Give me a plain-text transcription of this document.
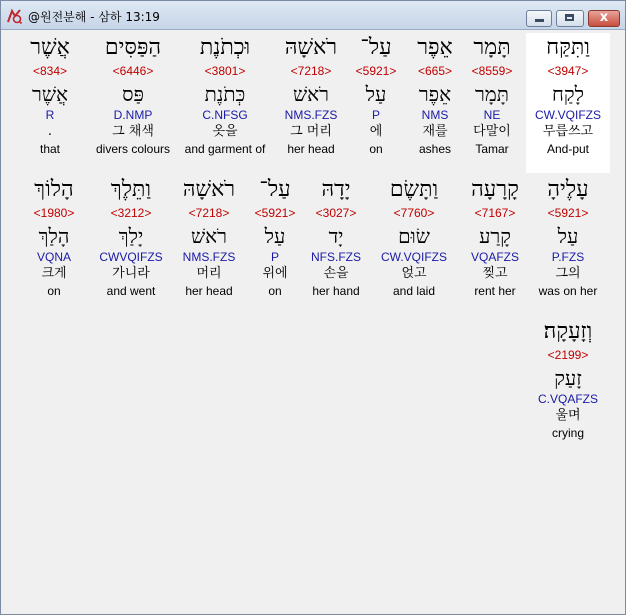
@원전분해 - 삼하 13:19	x
וַתִּקַּח
<3947>
לָקַח
CW.VQIFZS
무릅쓰고
And-put
תָּמָר
<8559>
תָּמָר
NE
다말이
Tamar
אֵפֶר
<665>
אֵפֶר
NMS
재를
ashes
עַל־
<5921>
עַל
P
에
on
רֹאשָׁהּ
<7218>
רֹאשׁ
NMS.FZS
그 머리
her head
וּכְתֹנֶת
<3801>
כְּתֹנֶת
C.NFSG
옷을
and garment of
הַפַּסִּים
<6446>
פַּס
D.NMP
그 채색
divers colours
אֲשֶׁר
<834>
אֲשֶׁר
R
.
that
עָלֶיהָ
<5921>
עַל
P.FZS
그의
was on her
קָרָעָה
<7167>
קָרַע
VQAFZS
찢고
rent her
וַתָּשֶׂם
<7760>
שׂוּם
CW.VQIFZS
얹고
and laid
יָדָהּ
<3027>
יָד
NFS.FZS
손을
her hand
עַל־
<5921>
עַל
P
위에
on
רֹאשָׁהּ
<7218>
רֹאשׁ
NMS.FZS
머리
her head
וַתֵּלֶךְ
<3212>
יָלַךְ
CWVQIFZS
가니라
and went
הָלוֹךְ
<1980>
הָלַךְ
VQNA
크게
on
וְזָעָקָה׃
<2199>
זָעַק
C.VQAFZS
울며
crying
